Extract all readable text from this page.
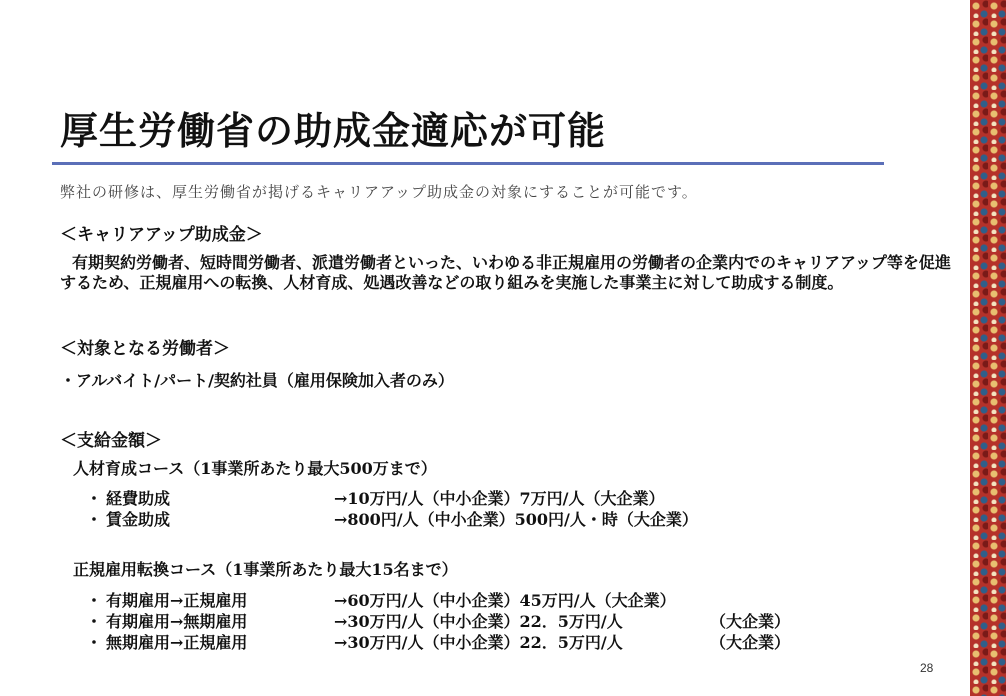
厚生労働省の助成金適応が可能
弊社の研修は、厚生労働省が掲げるキャリアアップ助成金の対象にすることが可能です。
＜キャリアアップ助成金＞
有期契約労働者、短時間労働者、派遣労働者といった、いわゆる非正規雇用の労働者の企業内でのキャリアアップ等を促進するため、正規雇用への転換、人材育成、処遇改善などの取り組みを実施した事業主に対して助成する制度。
＜対象となる労働者＞
・アルバイト/パート/契約社員（雇用保険加入者のみ）
＜支給金額＞
人材育成コース（1事業所あたり最大500万まで）
・ 経費助成	→10万円/人（中小企業）7万円/人（大企業）
・ 賃金助成	→800円/人（中小企業）500円/人・時（大企業）
正規雇用転換コース（1事業所あたり最大15名まで）
・ 有期雇用→正規雇用	→60万円/人（中小企業）45万円/人（大企業）
・ 有期雇用→無期雇用	→30万円/人（中小企業）22．5万円/人	（大企業）
・ 無期雇用→正規雇用	→30万円/人（中小企業）22．5万円/人	（大企業）
28
